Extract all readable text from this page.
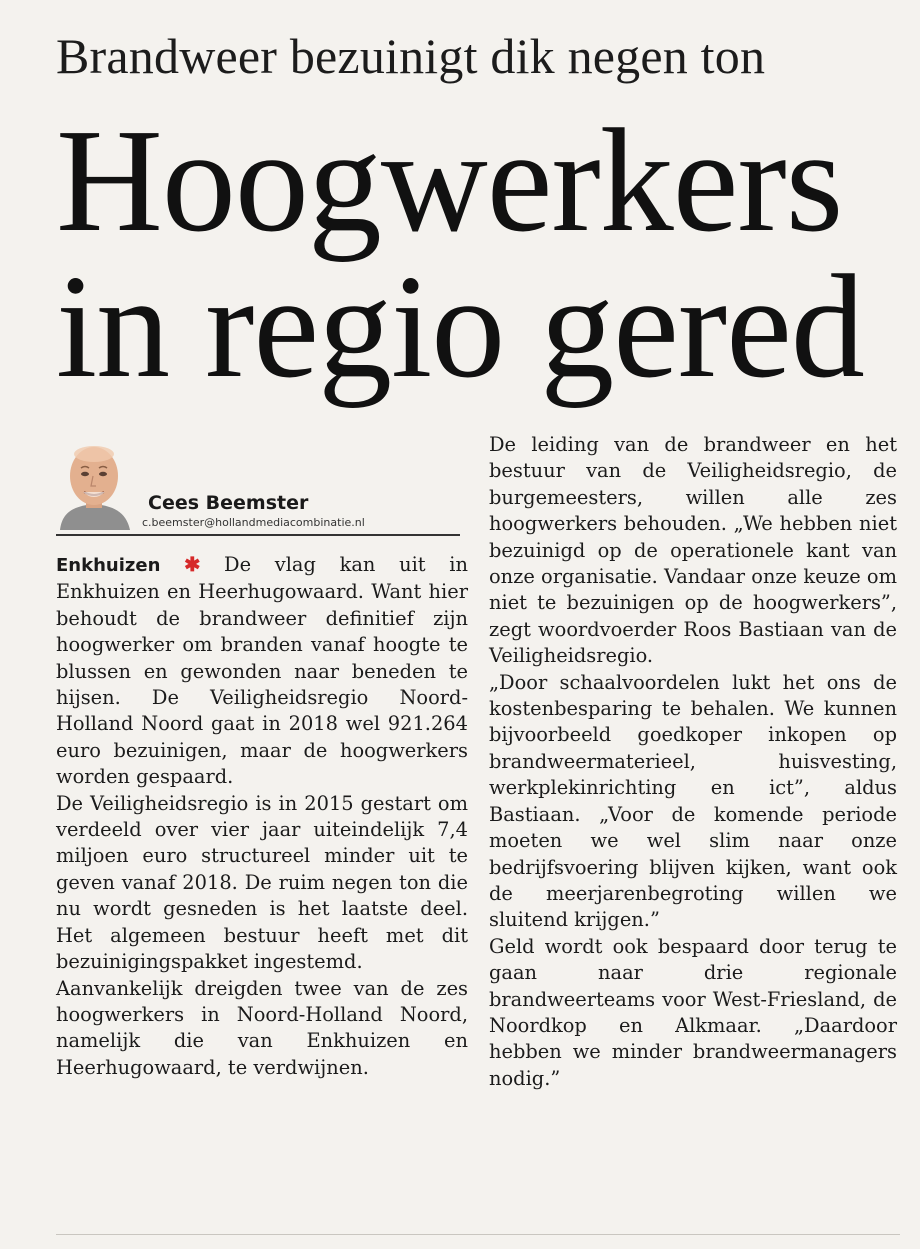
Brandweer bezuinigt dik negen ton
Hoogwerkers
in regio gered
Cees Beemster
c.beemster@hollandmediacombinatie.nl

Enkhuizen ✱ De vlag kan uit in Enkhuizen en Heerhugowaard. Want hier behoudt de brandweer definitief zijn hoogwerker om branden vanaf hoogte te blussen en gewonden naar beneden te hijsen. De Veiligheidsregio Noord-Holland Noord gaat in 2018 wel 921.264 euro bezuinigen, maar de hoogwerkers worden gespaard.

De Veiligheidsregio is in 2015 gestart om verdeeld over vier jaar uiteindelijk 7,4 miljoen euro structureel minder uit te geven vanaf 2018. De ruim negen ton die nu wordt gesneden is het laatste deel. Het algemeen bestuur heeft met dit bezuinigingspakket ingestemd.

Aanvankelijk dreigden twee van de zes hoogwerkers in Noord-Holland Noord, namelijk die van Enkhuizen en Heerhugowaard, te verdwijnen.

De leiding van de brandweer en het bestuur van de Veiligheidsregio, de burgemeesters, willen alle zes hoogwerkers behouden. „We hebben niet bezuinigd op de operationele kant van onze organisatie. Vandaar onze keuze om niet te bezuinigen op de hoogwerkers”, zegt woordvoerder Roos Bastiaan van de Veiligheidsregio.

„Door schaalvoordelen lukt het ons de kostenbesparing te behalen. We kunnen bijvoorbeeld goedkoper inkopen op brandweermaterieel, huisvesting, werkplekinrichting en ict”, aldus Bastiaan. „Voor de komende periode moeten we wel slim naar onze bedrijfsvoering blijven kijken, want ook de meerjarenbegroting willen we sluitend krijgen.”

Geld wordt ook bespaard door terug te gaan naar drie regionale brandweerteams voor West-Friesland, de Noordkop en Alkmaar. „Daardoor hebben we minder brandweermanagers nodig.”
